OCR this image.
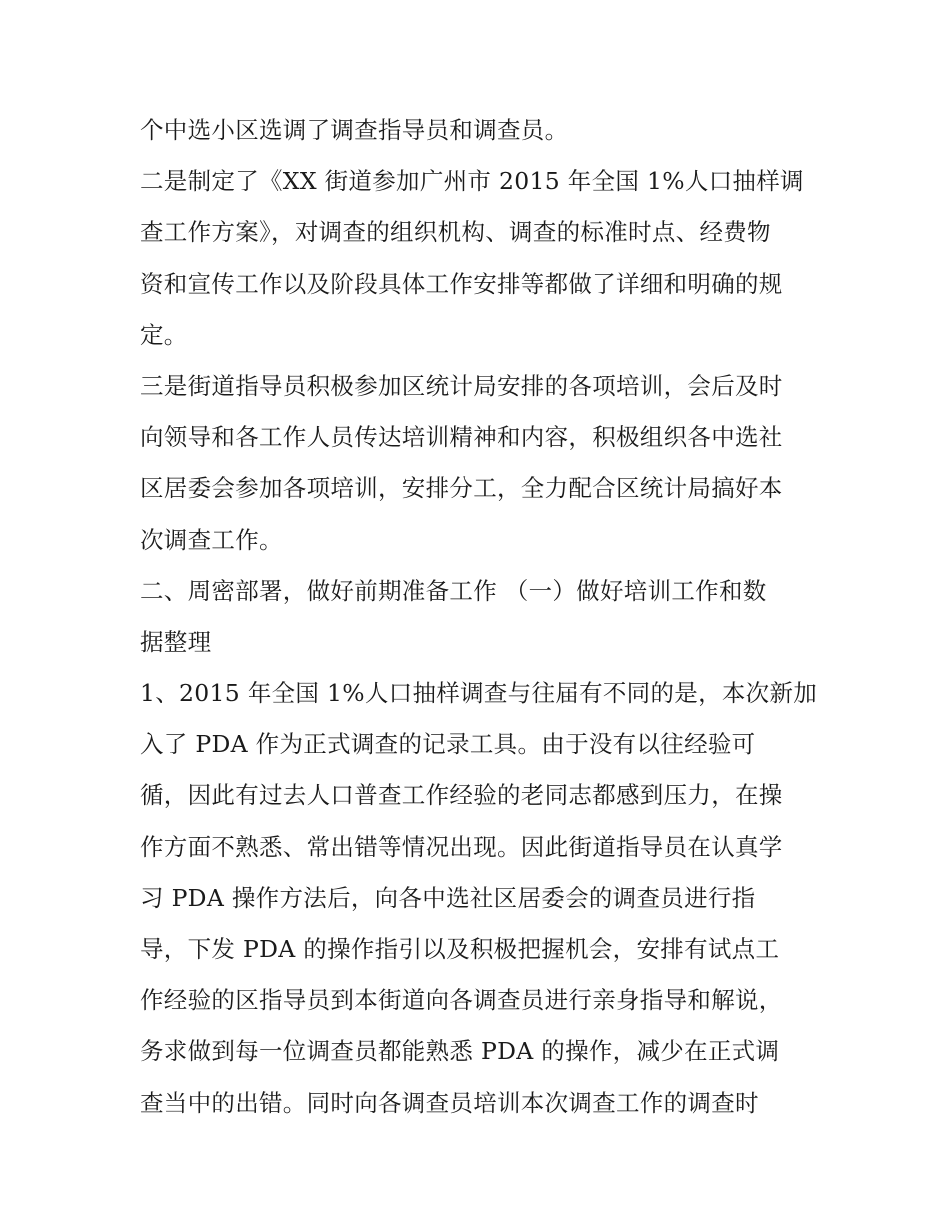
个中选小区选调了调查指导员和调查员。
二是制定了《XX 街道参加广州市 2015 年全国 1%人口抽样调
查工作方案》，对调查的组织机构、调查的标准时点、经费物
资和宣传工作以及阶段具体工作安排等都做了详细和明确的规
定。
三是街道指导员积极参加区统计局安排的各项培训，会后及时
向领导和各工作人员传达培训精神和内容，积极组织各中选社
区居委会参加各项培训，安排分工，全力配合区统计局搞好本
次调查工作。
二、周密部署，做好前期准备工作 （一）做好培训工作和数
据整理
1、2015 年全国 1%人口抽样调查与往届有不同的是，本次新加
入了 PDA 作为正式调查的记录工具。由于没有以往经验可
循，因此有过去人口普查工作经验的老同志都感到压力，在操
作方面不熟悉、常出错等情况出现。因此街道指导员在认真学
习 PDA 操作方法后，向各中选社区居委会的调查员进行指
导，下发 PDA 的操作指引以及积极把握机会，安排有试点工
作经验的区指导员到本街道向各调查员进行亲身指导和解说，
务求做到每一位调查员都能熟悉 PDA 的操作，减少在正式调
查当中的出错。同时向各调查员培训本次调查工作的调查时
